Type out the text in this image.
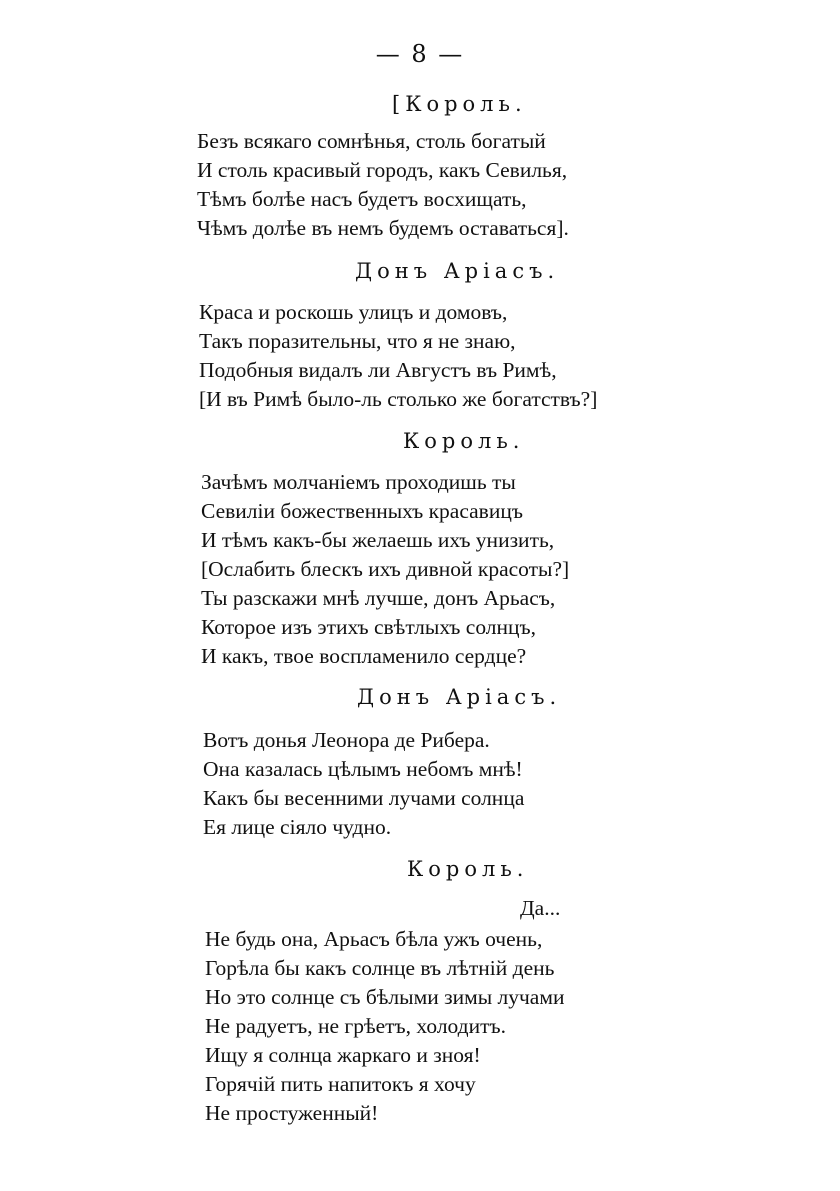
— 8 —
[Король.
Безъ всякаго сомнѣнья, столь богатый
И столь красивый городъ, какъ Севилья,
Тѣмъ болѣе насъ будетъ восхищать,
Чѣмъ долѣе въ немъ будемъ оставаться].
Донъ Аріасъ.
Краса и роскошь улицъ и домовъ,
Такъ поразительны, что я не знаю,
Подобныя видалъ ли Августъ въ Римѣ,
[И въ Римѣ было-ль столько же богатствъ?]
Король.
Зачѣмъ молчаніемъ проходишь ты
Севиліи божественныхъ красавицъ
И тѣмъ какъ-бы желаешь ихъ унизить,
[Ослабить блескъ ихъ дивной красоты?]
Ты разскажи мнѣ лучше, донъ Арьасъ,
Которое изъ этихъ свѣтлыхъ солнцъ,
И какъ, твое воспламенило сердце?
Донъ Аріасъ.
Вотъ донья Леонора де Рибера.
Она казалась цѣлымъ небомъ мнѣ!
Какъ бы весенними лучами солнца
Ея лице сіяло чудно.
Король.
Да...
Не будь она, Арьасъ бѣла ужъ очень,
Горѣла бы какъ солнце въ лѣтній день
Но это солнце съ бѣлыми зимы лучами
Не радуетъ, не грѣетъ, холодитъ.
Ищу я солнца жаркаго и зноя!
Горячій пить напитокъ я хочу
Не простуженный!
